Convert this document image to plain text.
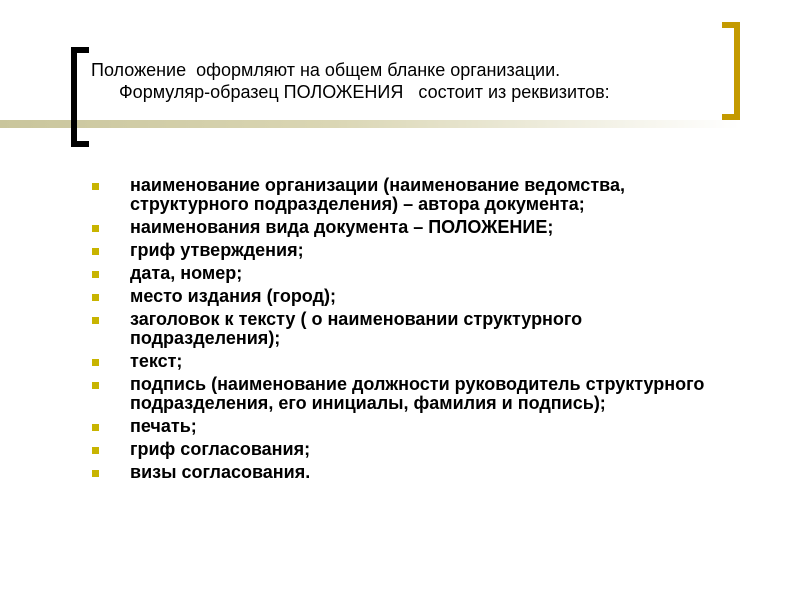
Положение  оформляют на общем бланке организации.
Формуляр-образец ПОЛОЖЕНИЯ   состоит из реквизитов:
наименование организации (наименование ведомства, структурного подразделения) – автора документа;
наименования вида документа – ПОЛОЖЕНИЕ;
гриф утверждения;
дата, номер;
место издания (город);
заголовок к тексту ( о наименовании структурного подразделения);
текст;
подпись (наименование должности руководитель структурного подразделения, его инициалы, фамилия и подпись);
печать;
гриф согласования;
визы согласования.
